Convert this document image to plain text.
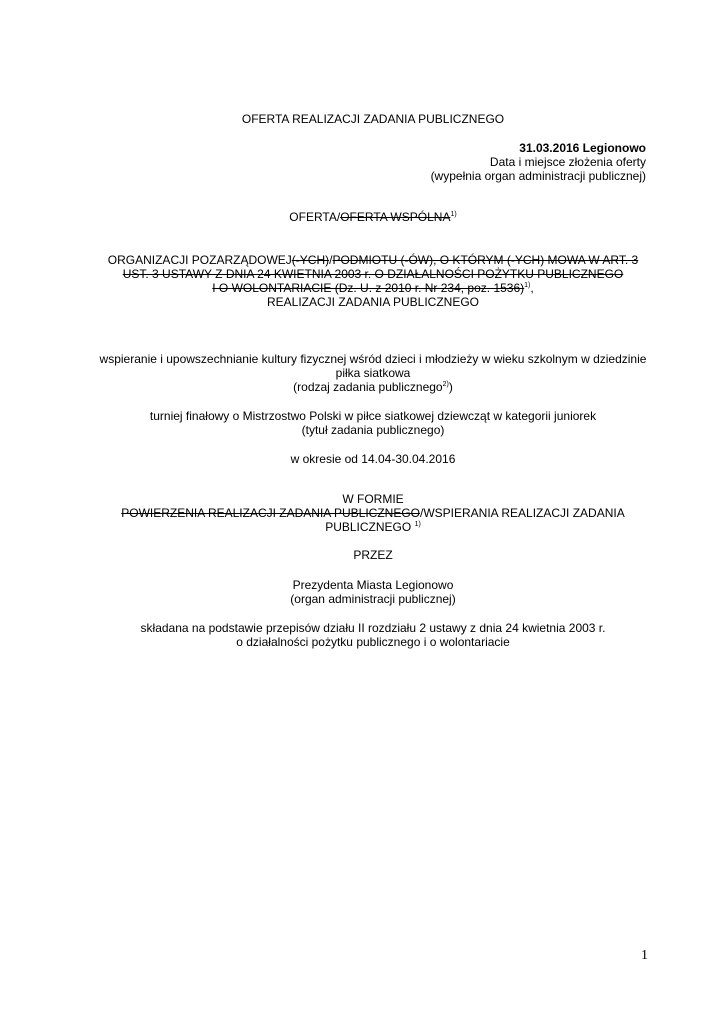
OFERTA REALIZACJI ZADANIA PUBLICZNEGO
31.03.2016 Legionowo
Data i miejsce złożenia oferty
(wypełnia organ administracji publicznej)
OFERTA/OFERTA WSPÓLNA$^{1)}$
ORGANIZACJI POZARZĄDOWEJ(-YCH)/PODMIOTU (-ÓW), O KTÓRYM (-YCH) MOWA W ART. 3
UST. 3 USTAWY Z DNIA 24 KWIETNIA 2003 r. O DZIAŁALNOŚCI POŻYTKU PUBLICZNEGO
I O WOLONTARIACIE (Dz. U. z 2010 r. Nr 234, poz. 1536)$^{1)}$,
REALIZACJI ZADANIA PUBLICZNEGO
wspieranie i upowszechnianie kultury fizycznej wśród dzieci i młodzieży w wieku szkolnym w dziedzinie
piłka siatkowa
(rodzaj zadania publicznego$^{2)}$)
turniej finałowy o Mistrzostwo Polski w piłce siatkowej dziewcząt w kategorii juniorek
(tytuł zadania publicznego)
w okresie od 14.04-30.04.2016
W FORMIE
POWIERZENIA REALIZACJI ZADANIA PUBLICZNEGO/WSPIERANIA REALIZACJI ZADANIA
PUBLICZNEGO $^{1)}$
PRZEZ
Prezydenta Miasta Legionowo
(organ administracji publicznej)
składana na podstawie przepisów działu II rozdziału 2 ustawy z dnia 24 kwietnia 2003 r.
o działalności pożytku publicznego i o wolontariacie
1
